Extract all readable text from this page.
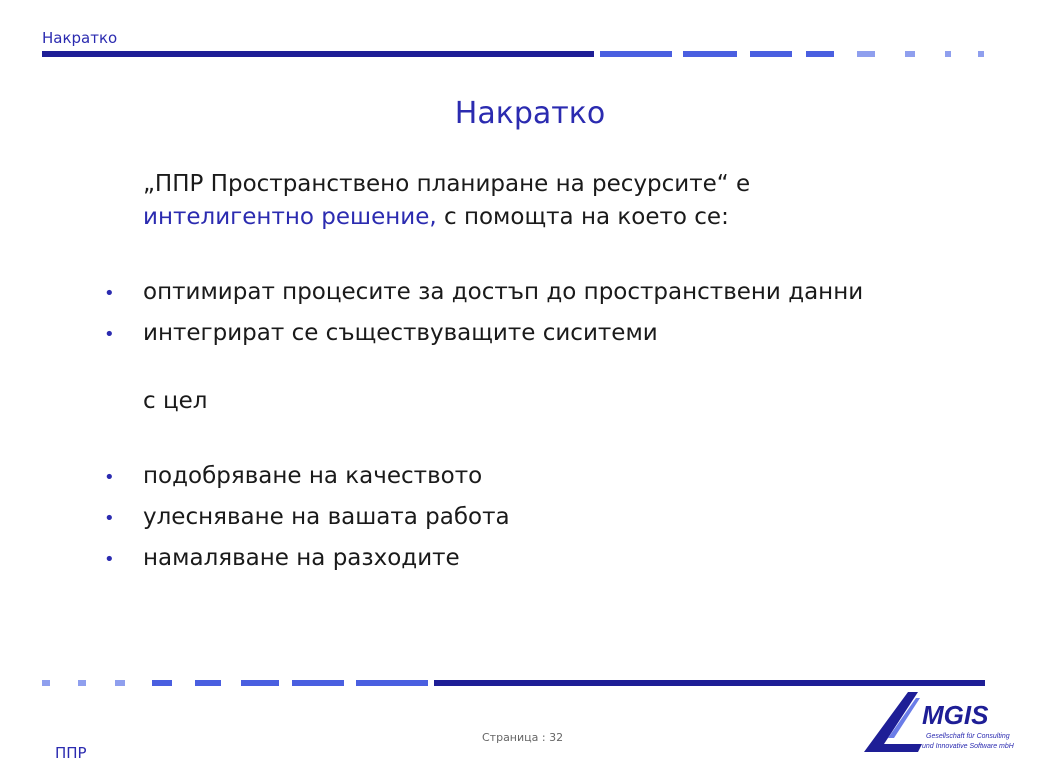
Накратко
Накратко
„ППР Пространствено планиране на ресурсите“ е
интелигентно решение, с помощта на което се:
• оптимират процесите за достъп до пространствени данни
• интегрират се съществуващите сиситеми
с цел
• подобряване на качеството
• улесняване на вашата работа
• намаляване на разходите
Страница : 32
ППР
MGIS
Gesellschaft für Consulting
und Innovative Software mbH
